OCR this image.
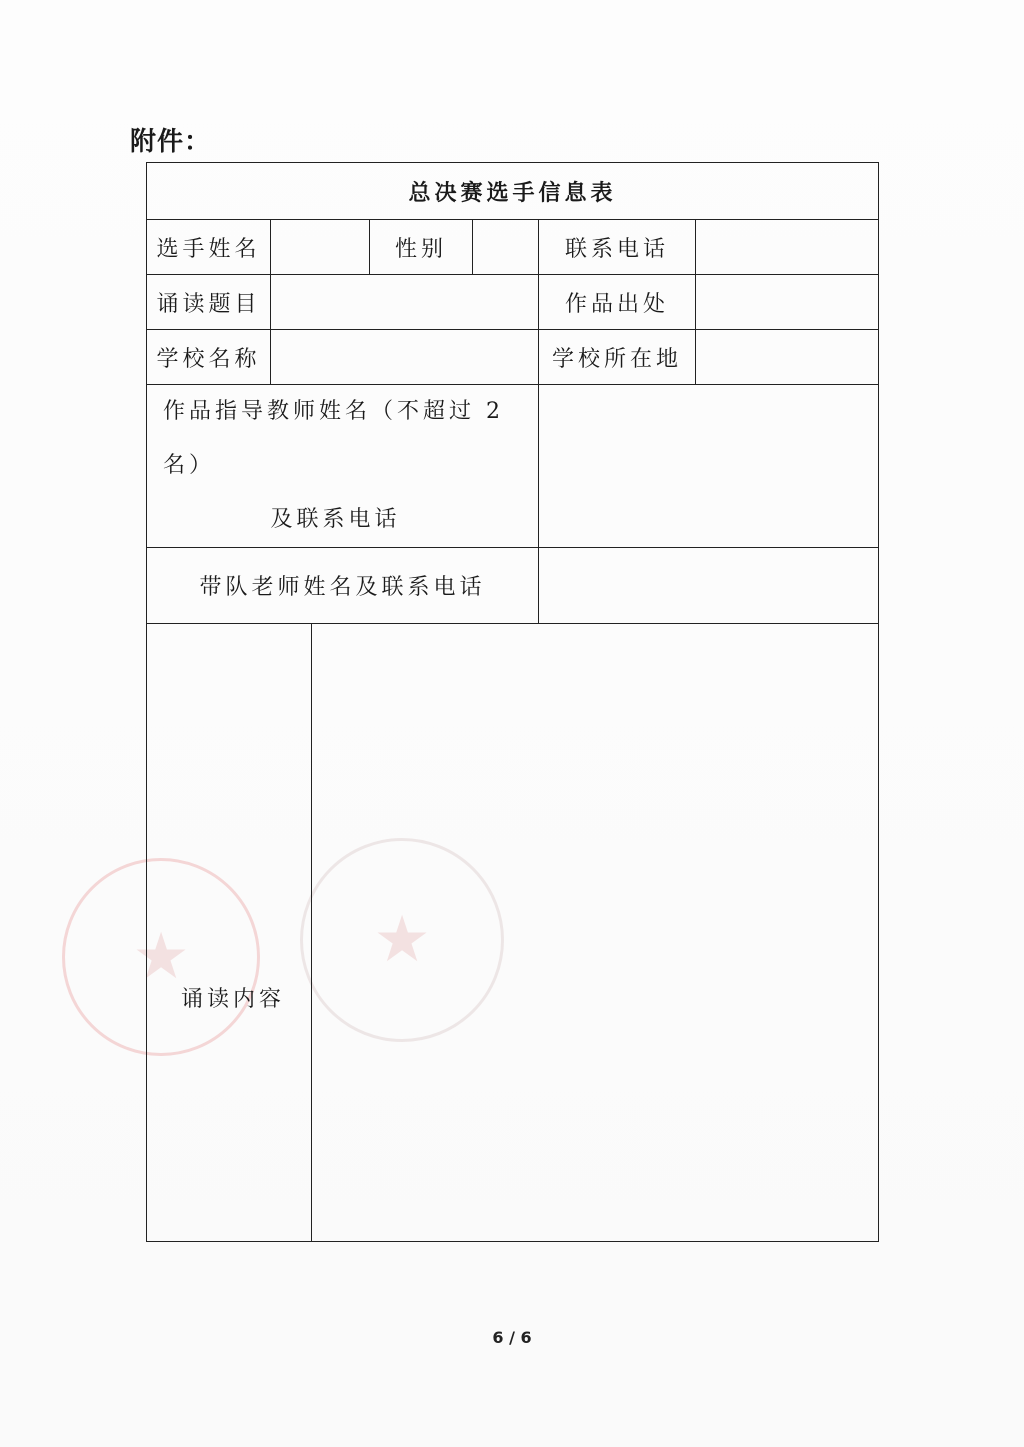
★	★
附件：
总决赛选手信息表						
选手姓名			性别		联系电话	
诵读题目					作品出处	
学校名称					学校所在地	

作品指导教师姓名（不超过 2 名）
及联系电话						

带队老师姓名及联系电话						
诵读内容						
6 / 6
